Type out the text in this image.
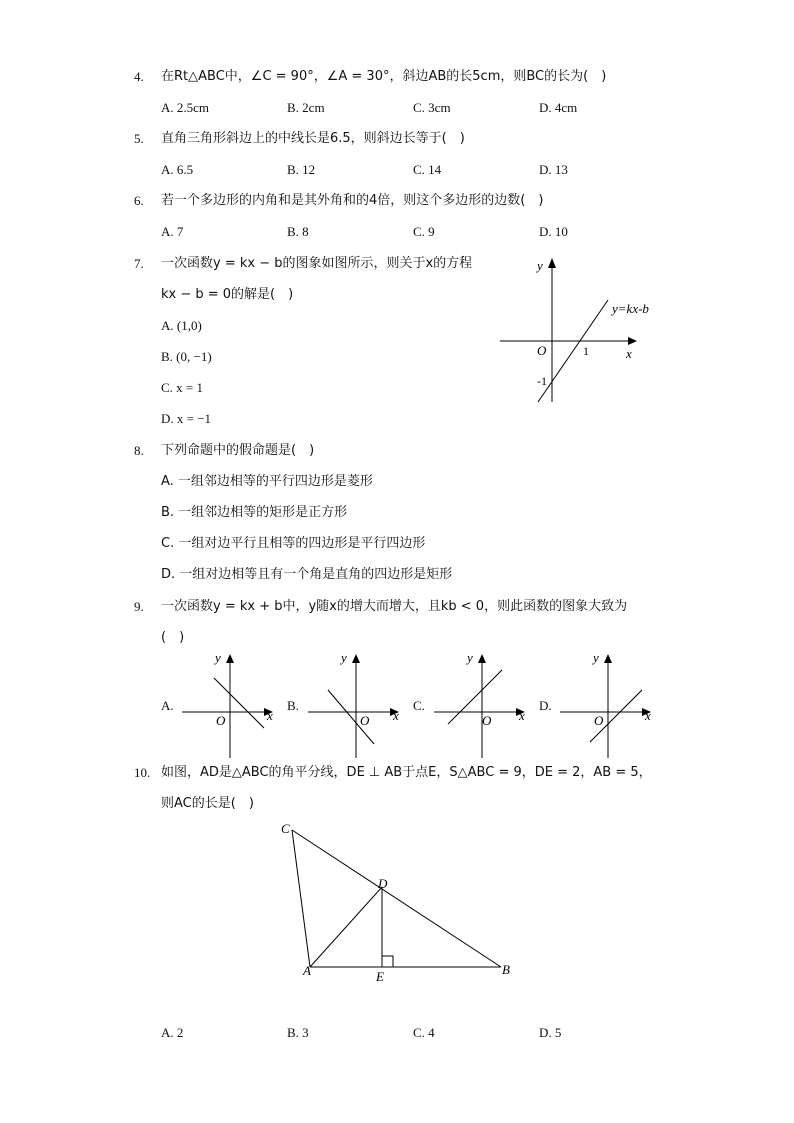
4. 在Rt△ABC中，∠C = 90°，∠A = 30°，斜边AB的长5cm，则BC的长为(　)
A. 2.5cm	B. 2cm	C. 3cm	D. 4cm
5. 直角三角形斜边上的中线长是6.5，则斜边长等于(　)
A. 6.5	B. 12	C. 14	D. 13
6. 若一个多边形的内角和是其外角和的4倍，则这个多边形的边数(　)
A. 7	B. 8	C. 9	D. 10
7. 一次函数y = kx − b的图象如图所示，则关于x的方程
kx − b = 0的解是(　)
A. (1,0)
B. (0, −1)
C. x = 1
D. x = −1
y
x
O	1
-1
y=kx-b
8. 下列命题中的假命题是(　)
A. 一组邻边相等的平行四边形是菱形
B. 一组邻边相等的矩形是正方形
C. 一组对边平行且相等的四边形是平行四边形
D. 一组对边相等且有一个角是直角的四边形是矩形
9. 一次函数y = kx + b中，y随x的增大而增大，且kb < 0，则此函数的图象大致为
(　)
A.
y
x
O
B.
y
x
O
C.
y
x
O
D.
y
x
O
10. 如图，AD是△ABC的角平分线，DE ⊥ AB于点E，S△ABC = 9，DE = 2，AB = 5，
则AC的长是(　)
C
D
A	E	B
A. 2	B. 3	C. 4	D. 5
